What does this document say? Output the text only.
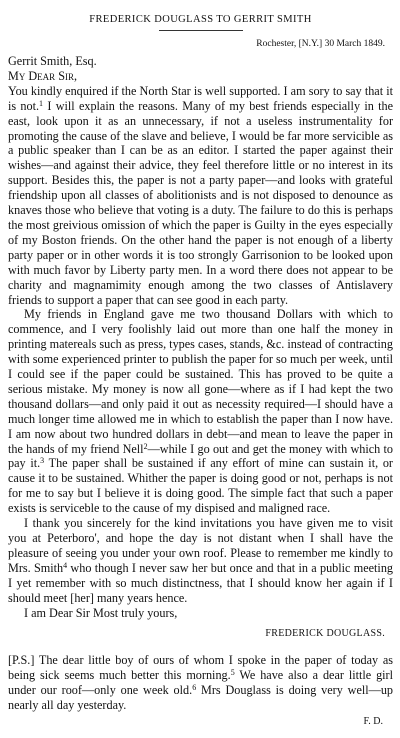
FREDERICK DOUGLASS TO GERRIT SMITH
Rochester, [N.Y.] 30 March 1849.

Gerrit Smith, Esq.

My Dear Sir,

You kindly enquired if the North Star is well supported. I am sory to say that it is not.$^1$ I will explain the reasons. Many of my best friends especially in the east, look upon it as an unnecessary, if not a useless instrumentality for promoting the cause of the slave and believe, I would be far more servicible as a public speaker than I can be as an editor. I started the paper against their wishes—and against their advice, they feel therefore little or no interest in its support. Besides this, the paper is not a party paper—and looks with grateful friendship upon all classes of abolitionists and is not disposed to denounce as knaves those who believe that voting is a duty. The failure to do this is perhaps the most greivious omission of which the paper is Guilty in the eyes especially of my Boston friends. On the other hand the paper is not enough of a liberty party paper or in other words it is too strongly Garrisonion to be looked upon with much favor by Liberty party men. In a word there does not appear to be charity and magnamimity enough among the two classes of Antislavery friends to support a paper that can see good in each party.

My friends in England gave me two thousand Dollars with which to commence, and I very foolishly laid out more than one half the money in printing matereals such as press, types cases, stands, &c. instead of contracting with some experienced printer to publish the paper for so much per week, until I could see if the paper could be sustained. This has proved to be quite a serious mistake. My money is now all gone—where as if I had kept the two thousand dollars—and only paid it out as necessity required—I should have a much longer time allowed me in which to establish the paper than I now have. I am now about two hundred dollars in debt—and mean to leave the paper in the hands of my friend Nell$^2$—while I go out and get the money with which to pay it.$^3$ The paper shall be sustained if any effort of mine can sustain it, or cause it to be sustained. Whither the paper is doing good or not, perhaps is not for me to say but I believe it is doing good. The simple fact that such a paper exists is serviceble to the cause of my dispised and maligned race.

I thank you sincerely for the kind invitations you have given me to visit you at Peterboro', and hope the day is not distant when I shall have the pleasure of seeing you under your own roof. Please to remember me kindly to Mrs. Smith$^4$ who though I never saw her but once and that in a public meeting I yet remember with so much distinctness, that I should know her again if I should meet [her] many years hence.

I am Dear Sir Most truly yours,

FREDERICK DOUGLASS.

[P.S.] The dear little boy of ours of whom I spoke in the paper of today as being sick seems much better this morning.$^5$ We have also a dear little girl under our roof—only one week old.$^6$ Mrs Douglass is doing very well—up nearly all day yesterday.

F. D.
